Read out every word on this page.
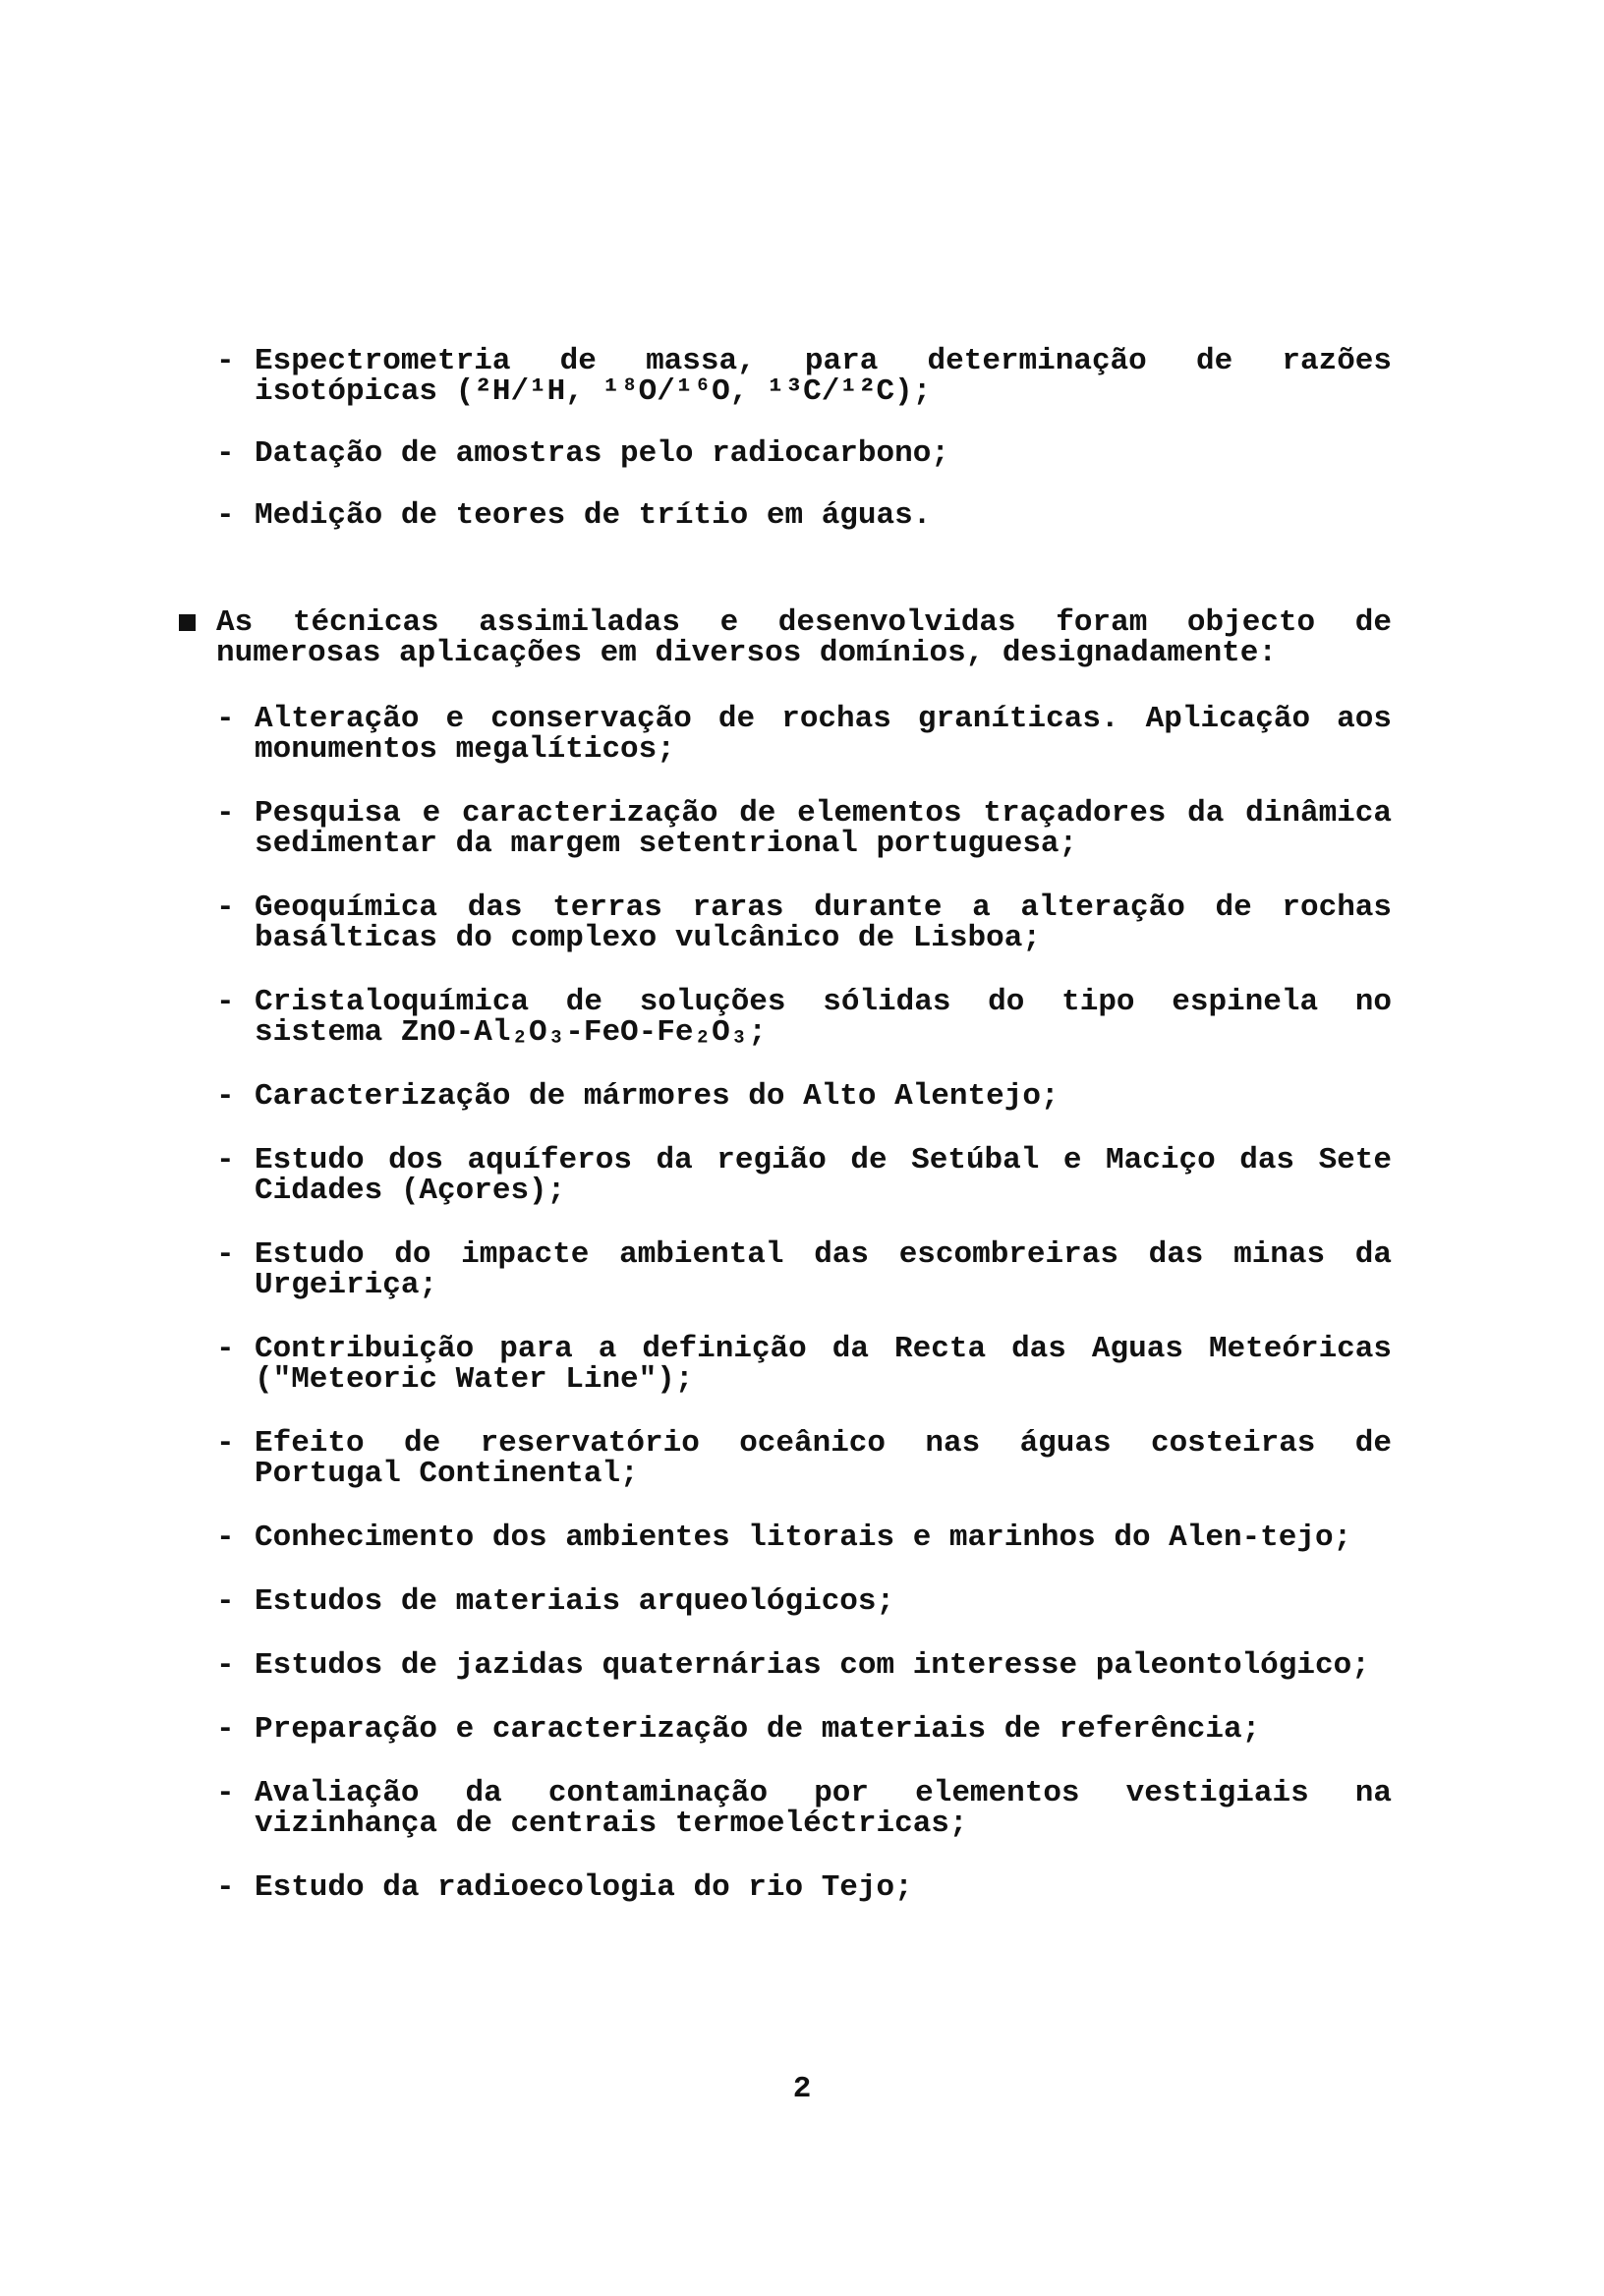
- Espectrometria de massa, para determinação de razões isotópicas (²H/¹H, ¹⁸O/¹⁶O, ¹³C/¹²C);
- Datação de amostras pelo radiocarbono;
- Medição de teores de trítio em águas.
As técnicas assimiladas e desenvolvidas foram objecto de numerosas aplicações em diversos domínios, designadamente:
- Alteração e conservação de rochas graníticas. Aplicação aos monumentos megalíticos;
- Pesquisa e caracterização de elementos traçadores da dinâmica sedimentar da margem setentrional portuguesa;
- Geoquímica das terras raras durante a alteração de rochas basálticas do complexo vulcânico de Lisboa;
- Cristaloquímica de soluções sólidas do tipo espinela no sistema ZnO-Al₂O₃-FeO-Fe₂O₃;
- Caracterização de mármores do Alto Alentejo;
- Estudo dos aquíferos da região de Setúbal e Maciço das Sete Cidades (Açores);
- Estudo do impacte ambiental das escombreiras das minas da Urgeiriça;
- Contribuição para a definição da Recta das Aguas Meteóricas ("Meteoric Water Line");
- Efeito de reservatório oceânico nas águas costeiras de Portugal Continental;
- Conhecimento dos ambientes litorais e marinhos do Alen-tejo;
- Estudos de materiais arqueológicos;
- Estudos de jazidas quaternárias com interesse paleontológico;
- Preparação e caracterização de materiais de referência;
- Avaliação da contaminação por elementos vestigiais na vizinhança de centrais termoeléctricas;
- Estudo da radioecologia do rio Tejo;
2
